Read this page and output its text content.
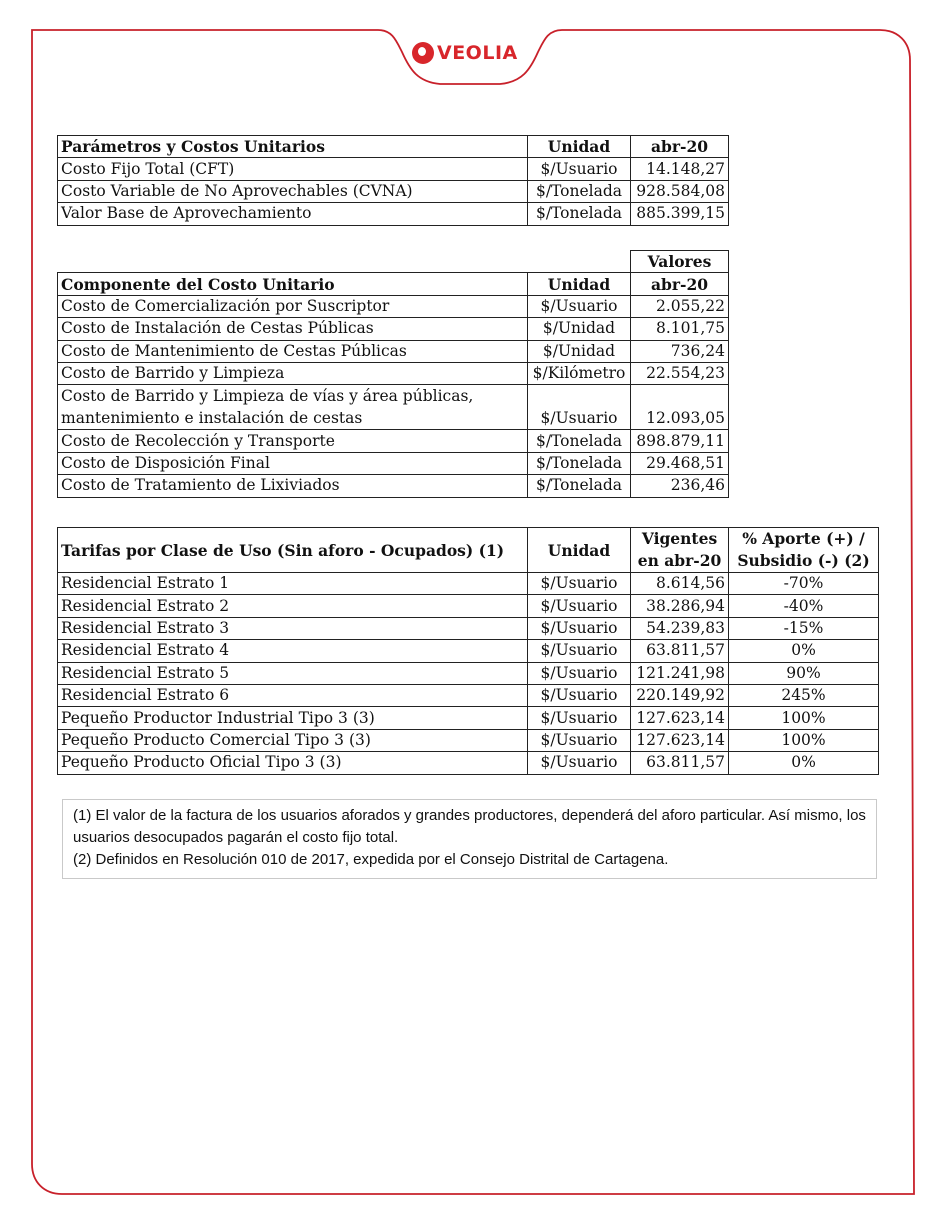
VEOLIA
Parámetros y Costos Unitarios	Unidad	abr-20
Costo Fijo Total (CFT)	$/Usuario	14.148,27
Costo Variable de No Aprovechables (CVNA)	$/Tonelada	928.584,08
Valor Base de Aprovechamiento	$/Tonelada	885.399,15
		Valores
Componente del Costo Unitario	Unidad	abr-20
Costo de Comercialización por Suscriptor	$/Usuario	2.055,22
Costo de Instalación de Cestas Públicas	$/Unidad	8.101,75
Costo de Mantenimiento de Cestas Públicas	$/Unidad	736,24
Costo de Barrido y Limpieza	$/Kilómetro	22.554,23
Costo de Barrido y Limpieza de vías y área públicas, mantenimiento e instalación de cestas	$/Usuario	12.093,05
Costo de Recolección y Transporte	$/Tonelada	898.879,11
Costo de Disposición Final	$/Tonelada	29.468,51
Costo de Tratamiento de Lixiviados	$/Tonelada	236,46
Tarifas por Clase de Uso (Sin aforo - Ocupados) (1)	Unidad	Vigentes en abr-20	% Aporte (+) / Subsidio (-) (2)
Residencial Estrato 1	$/Usuario	8.614,56	-70%
Residencial Estrato 2	$/Usuario	38.286,94	-40%
Residencial Estrato 3	$/Usuario	54.239,83	-15%
Residencial Estrato 4	$/Usuario	63.811,57	0%
Residencial Estrato 5	$/Usuario	121.241,98	90%
Residencial Estrato 6	$/Usuario	220.149,92	245%
Pequeño Productor Industrial Tipo 3 (3)	$/Usuario	127.623,14	100%
Pequeño Producto Comercial Tipo 3 (3)	$/Usuario	127.623,14	100%
Pequeño Producto Oficial Tipo 3 (3)	$/Usuario	63.811,57	0%

(1) El valor de la factura de los usuarios aforados y grandes productores, dependerá del aforo particular. Así mismo, los usuarios desocupados pagarán el costo fijo total.

(2) Definidos en Resolución 010 de 2017, expedida por el Consejo Distrital de Cartagena.
